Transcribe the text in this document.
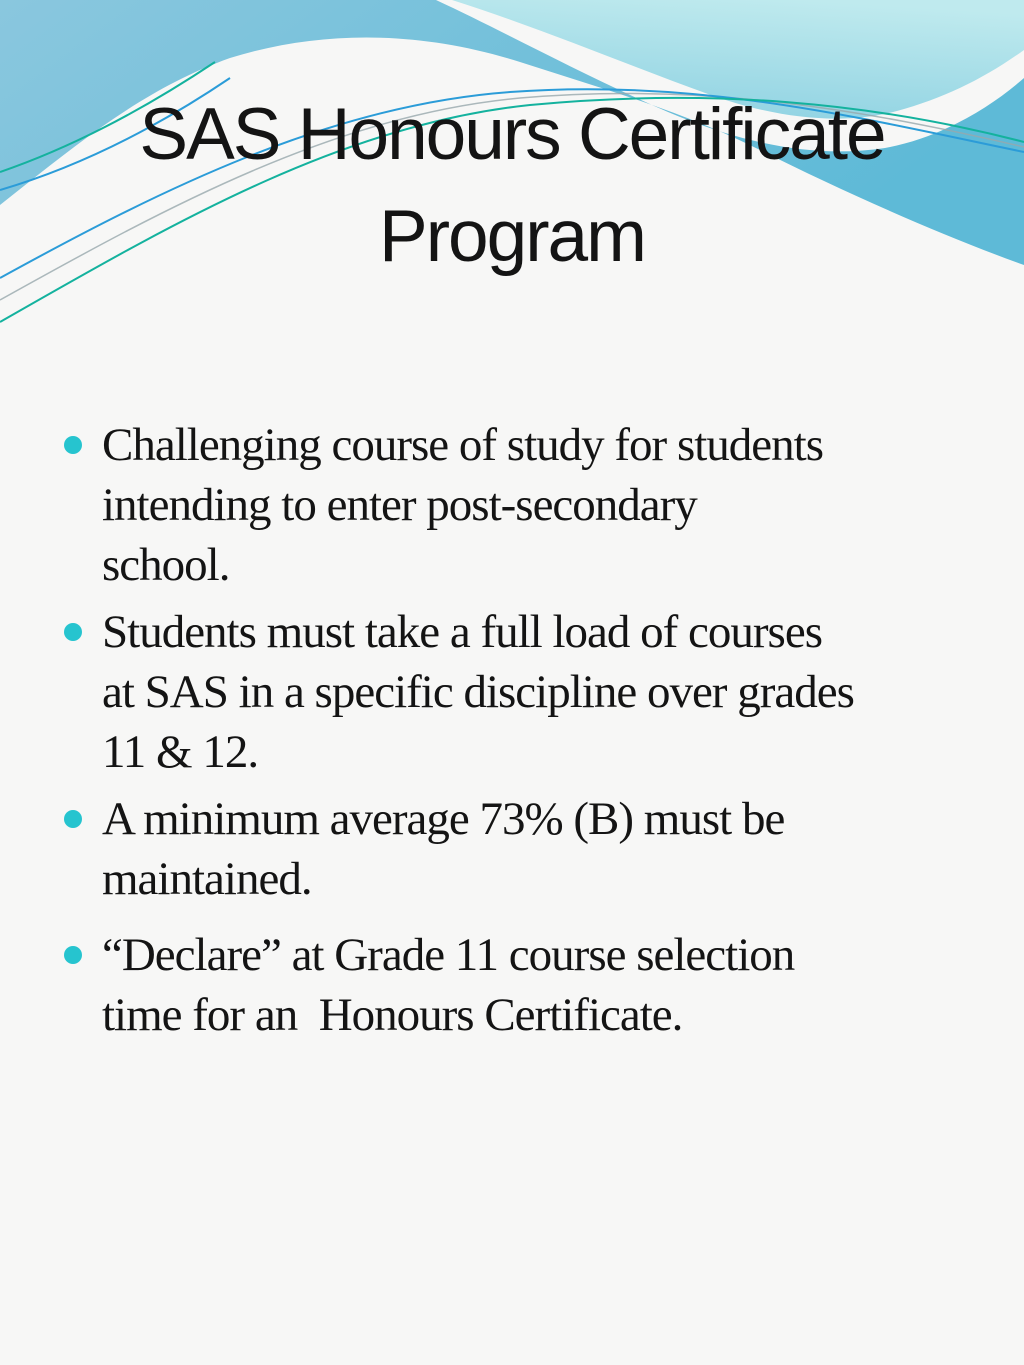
SAS Honours Certificate
Program
Challenging course of study for students
intending to enter post-secondary
school.
Students must take a full load of courses
at SAS in a specific discipline over grades
11 & 12.
A minimum average 73% (B) must be
maintained.
“Declare” at Grade 11 course selection
time for an  Honours Certificate.
